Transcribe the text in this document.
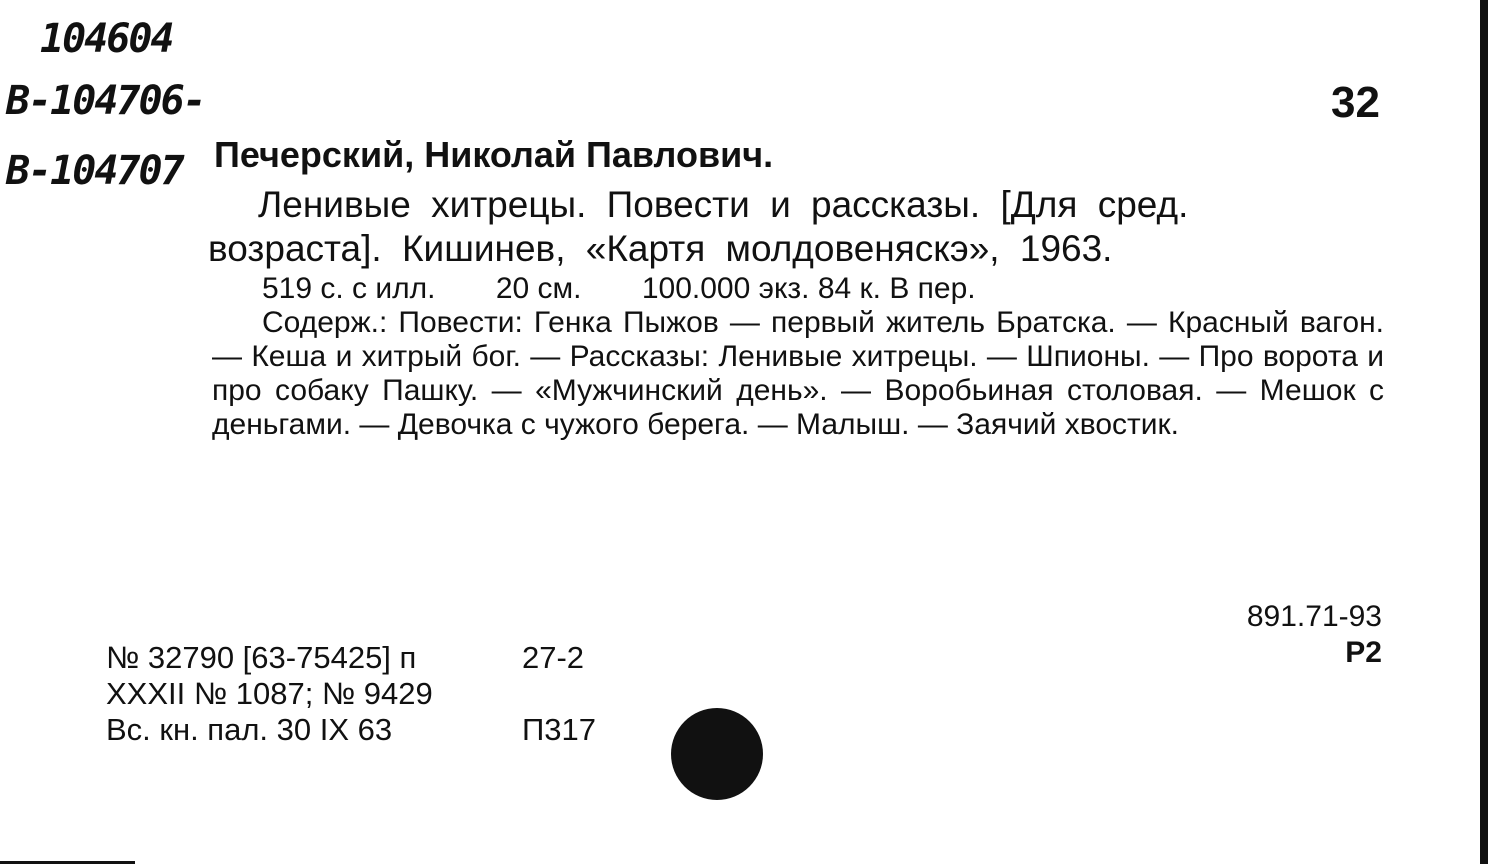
104604
В-104706-
В-104707
32
Печерский, Николай Павлович.
Ленивые хитрецы. Повести и рассказы. [Для сред.
возраста]. Кишинев, «Картя молдовеняскэ», 1963.
519 с. с илл. 20 см. 100.000 экз. 84 к. В пер.
Содерж.: Повести: Генка Пыжов — первый житель Братска. — Красный вагон. — Кеша и хитрый бог. — Рассказы: Ленивые хитрецы. — Шпионы. — Про ворота и про собаку Пашку. — «Мужчинский день». — Воробьиная столовая. — Мешок с деньгами. — Девочка с чужого берега. — Малыш. — Заячий хвостик.
891.71-93
Р2
№ 32790 [63-75425] п	27-2
XXXII № 1087; № 9429
Вс. кн. пал. 30 IX 63	П317
